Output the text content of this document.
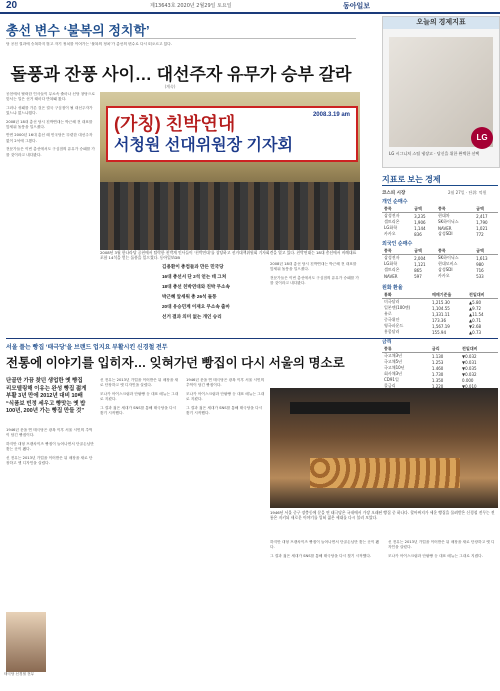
20	제13643호 2020년 2월29일 토요일	동아일보
총선 변수 ‘불복의 정치학’
당 공천 결과에 승복하지 않고 자기 정치를 이어가는 ‘불복의 정치’가 총선의 변수로 다시 떠오르고 있다.
돌풍과 잔풍 사이… 대선주자 유무가 승부 갈라
(계속)

공천에서 탈락한 인사들이 무소속 출마나 신당 창당으로 맞서는 일은 선거 때마다 반복돼 왔다.

그러나 성패를 가른 것은 결국 구심점이 될 대선주자가 있느냐 없느냐였다.

2008년 18대 총선 당시 친박연대는 박근혜 전 대표를 앞세워 돌풍을 일으켰다.

반면 2000년 16대 총선 때 민국당은 뚜렷한 대선주자 없이 2석에 그쳤다.

전문가들은 이번 총선에서도 구심점의 유무가 승패를 가를 것이라고 내다봤다.

(가칭) 친박연대
서청원 선대위원장 기자회
2008.3.19 am
2008년 3월 한나라당 공천에서 탈락한 친박계 인사들이 ‘친박연대’를 창당하고 선거대책위원회 기자회견을 열고 있다. 친박연대는 18대 총선에서 비례대표 포함 14석을 얻는 돌풍을 일으켰다. 동아일보DB
김용환이 총컴들과 만든 민국당
16대 총선서 단 2석 얻는 데 그쳐
18대 총선 친박연대와 친박 무소속
박근혜 앞세워 총 26석 돌풍
20대 유승민계 이재오 무소속 출마
선거 결과 의미 없는 개인 승리

2008년 18대 총선 당시 친박연대는 박근혜 전 대표를 앞세워 돌풍을 일으켰다.

전문가들은 이번 총선에서도 구심점의 유무가 승패를 가를 것이라고 내다봤다.

오늘의 경제지표
LG
LG 시그니처 스팀 냉장고 · 당신을 위한 완벽한 선택
지표로 보는 경제
코스피 시장	2월 27일 · 단위: 억원
개인 순매수
종목	금액	종목	금액
삼성전자	3,235	현대차	2,417
셀트리온	1,906	SK하이닉스	1,790
LG화학	1,144	NAVER	1,021
카카오	836	삼성SDI	772
외국인 순매수
종목	금액	종목	금액
삼성전자	2,004	SK하이닉스	1,613
LG화학	1,121	현대모비스	980
셀트리온	865	삼성SDI	716
NAVER	597	카카오	533
원화 환율
통화	매매기준율	전일대비
미국달러	1,215.30	▲5.80
일본엔(100엔)	1,104.55	▲9.72
유로	1,331.11	▲11.54
중국위안	173.36	▲0.71
영국파운드	1,567.19	▼2.68
홍콩달러	155.94	▲0.73
금리
종류	금리	전일대비
국고채3년	1.130	▼0.032
국고채5년	1.253	▼0.031
국고채10년	1.460	▼0.035
회사채3년	1.730	▼0.032
CD91일	1.350	0.000
콜금리	1.220	▼0.010
서울 풀는 빵집 ‘태극당’을 브랜드 업지요 부활시킨 신경철 전무
전통에 이야기를 입히자… 잊혀가던 빵집이 다시 서울의 명소로
단골만 가끔 찾던 생업한 옛 빵집
리모델링해 이유는 완성 빵집 젊게
부활 3년 만에 2012년 대비 10배
“식품보 빈정 세우고 빵맛는 옛 밥
100년, 200년 가는 빵집 만들 것”

1946년 문을 연 태극당은 광복 이후 서울 시민의 추억이 담긴 빵집이다.

하지만 대형 프랜차이즈 빵집이 늘어나면서 단골손님만 찾는 곳이 됐다.

신 전무는 2013년 가업을 이어받은 뒤 매장을 새로 단장하고 옛 디자인을 살렸다.

신 전무는 2013년 가업을 이어받은 뒤 매장을 새로 단장하고 옛 디자인을 살렸다.

모나카 아이스크림과 단팥빵 등 대표 메뉴는 그대로 지켰다.

그 결과 젊은 세대가 SNS를 통해 태극당을 다시 찾기 시작했다.

1946년 문을 연 태극당은 광복 이후 서울 시민의 추억이 담긴 빵집이다.

모나카 아이스크림과 단팥빵 등 대표 메뉴는 그대로 지켰다.

그 결과 젊은 세대가 SNS를 통해 태극당을 다시 찾기 시작했다.

1946년 서울 중구 장충동에 문을 연 태극당은 국내에서 가장 오래된 빵집 중 하나다. 할아버지가 세운 빵집을 물려받은 신경철 전무는 전통은 지키되 새로운 이야기를 입혀 젊은 세대를 다시 불러 모았다.

하지만 대형 프랜차이즈 빵집이 늘어나면서 단골손님만 찾는 곳이 됐다.

그 결과 젊은 세대가 SNS를 통해 태극당을 다시 찾기 시작했다.

신 전무는 2013년 가업을 이어받은 뒤 매장을 새로 단장하고 옛 디자인을 살렸다.

모나카 아이스크림과 단팥빵 등 대표 메뉴는 그대로 지켰다.

태극당 신경철 전무
